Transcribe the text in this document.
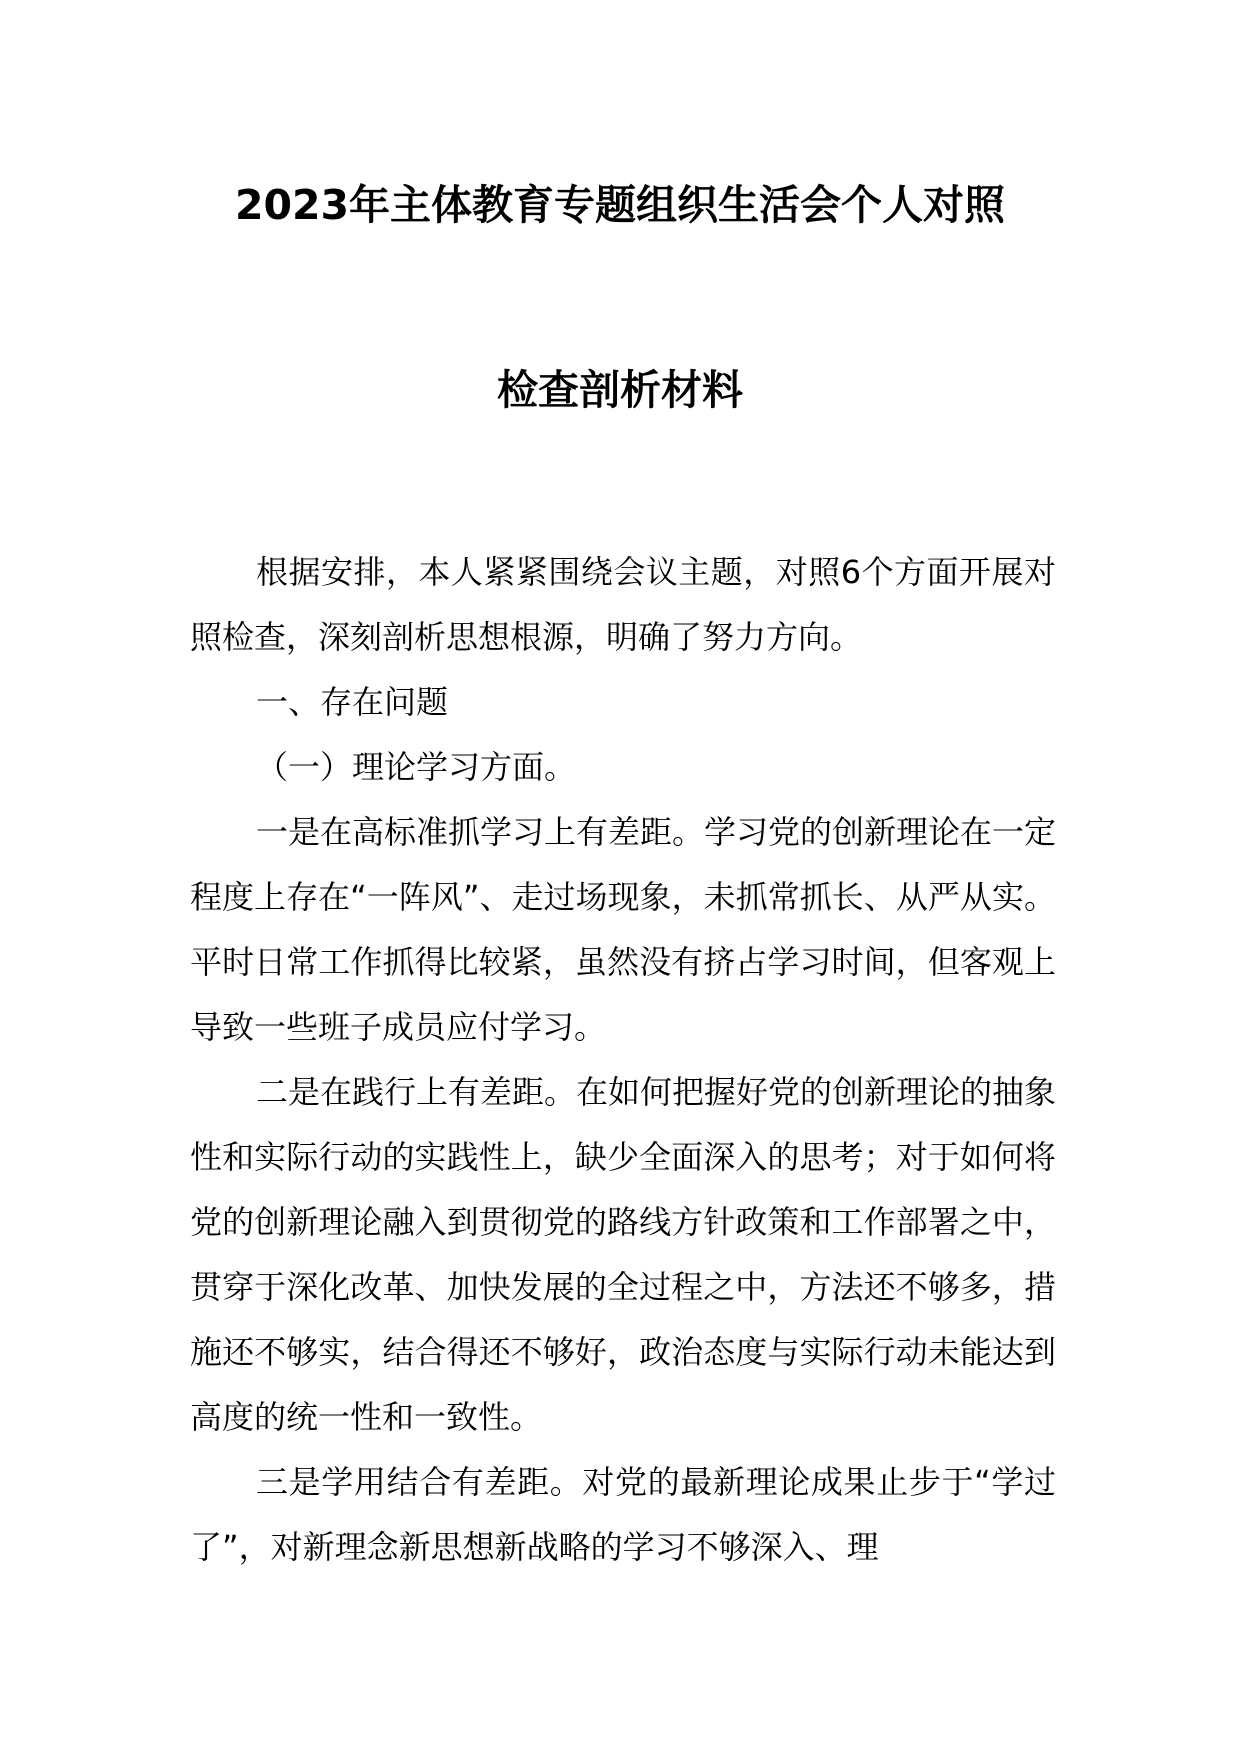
2023年主体教育专题组织生活会个人对照
检查剖析材料

根据安排，本人紧紧围绕会议主题，对照6个方面开展对照检查，深刻剖析思想根源，明确了努力方向。

一、存在问题

（一）理论学习方面。

一是在高标准抓学习上有差距。学习党的创新理论在一定程度上存在“一阵风”、走过场现象，未抓常抓长、从严从实。平时日常工作抓得比较紧，虽然没有挤占学习时间，但客观上导致一些班子成员应付学习。

二是在践行上有差距。在如何把握好党的创新理论的抽象性和实际行动的实践性上，缺少全面深入的思考；对于如何将党的创新理论融入到贯彻党的路线方针政策和工作部署之中，贯穿于深化改革、加快发展的全过程之中，方法还不够多，措施还不够实，结合得还不够好，政治态度与实际行动未能达到高度的统一性和一致性。

三是学用结合有差距。对党的最新理论成果止步于“学过了”，对新理念新思想新战略的学习不够深入、理
